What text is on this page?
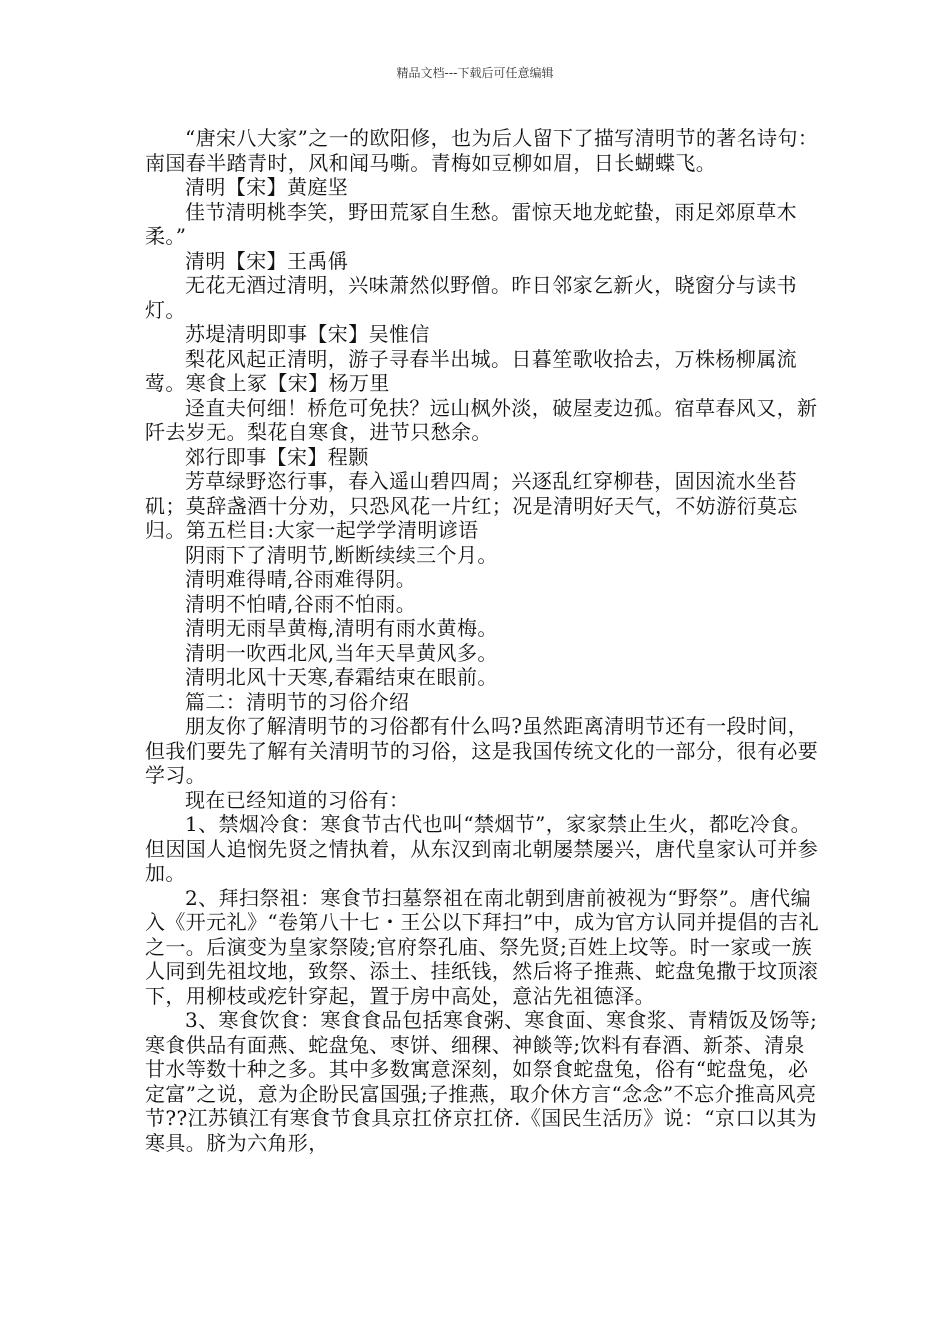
精品文档---下载后可任意编辑

“唐宋八大家”之一的欧阳修，也为后人留下了描写清明节的著名诗句：南国春半踏青时，风和闻马嘶。青梅如豆柳如眉，日长蝴蝶飞。

清明【宋】黄庭坚

佳节清明桃李笑，野田荒冢自生愁。雷惊天地龙蛇蛰，雨足郊原草木柔。”

清明【宋】王禹偁

无花无酒过清明，兴味萧然似野僧。昨日邻家乞新火，晓窗分与读书灯。

苏堤清明即事【宋】吴惟信

梨花风起正清明，游子寻春半出城。日暮笙歌收拾去，万株杨柳属流莺。寒食上冢【宋】杨万里

迳直夫何细！桥危可免扶？远山枫外淡，破屋麦边孤。宿草春风又，新阡去岁无。梨花自寒食，进节只愁余。

郊行即事【宋】程颢

芳草绿野恣行事，春入遥山碧四周；兴逐乱红穿柳巷，固因流水坐苔矶；莫辞盏酒十分劝，只恐风花一片红；况是清明好天气，不妨游衍莫忘归。第五栏目:大家一起学学清明谚语

阴雨下了清明节,断断续续三个月。

清明难得晴,谷雨难得阴。

清明不怕晴,谷雨不怕雨。

清明无雨旱黄梅,清明有雨水黄梅。

清明一吹西北风,当年天旱黄风多。

清明北风十天寒,春霜结束在眼前。

篇二：清明节的习俗介绍

朋友你了解清明节的习俗都有什么吗?虽然距离清明节还有一段时间，但我们要先了解有关清明节的习俗，这是我国传统文化的一部分，很有必要学习。

现在已经知道的习俗有：

1、禁烟冷食：寒食节古代也叫“禁烟节”，家家禁止生火，都吃冷食。但因国人追悯先贤之情执着，从东汉到南北朝屡禁屡兴，唐代皇家认可并参加。

2、拜扫祭祖：寒食节扫墓祭祖在南北朝到唐前被视为“野祭”。唐代编入《开元礼》“卷第八十七・王公以下拜扫”中，成为官方认同并提倡的吉礼之一。后演变为皇家祭陵;官府祭孔庙、祭先贤;百姓上坟等。时一家或一族人同到先祖坟地，致祭、添土、挂纸钱，然后将子推燕、蛇盘兔撒于坟顶滚下，用柳枝或疙针穿起，置于房中高处，意沾先祖德泽。

3、寒食饮食：寒食食品包括寒食粥、寒食面、寒食浆、青精饭及饧等;寒食供品有面燕、蛇盘兔、枣饼、细稞、神餤等;饮料有春酒、新茶、清泉甘水等数十种之多。其中多数寓意深刻，如祭食蛇盘兔，俗有“蛇盘兔，必定富”之说，意为企盼民富国强;子推燕，取介休方言“念念”不忘介推高风亮节??江苏镇江有寒食节食具京扛侪京扛侪.《国民生活历》说：“京口以其为寒具。脐为六角形，
